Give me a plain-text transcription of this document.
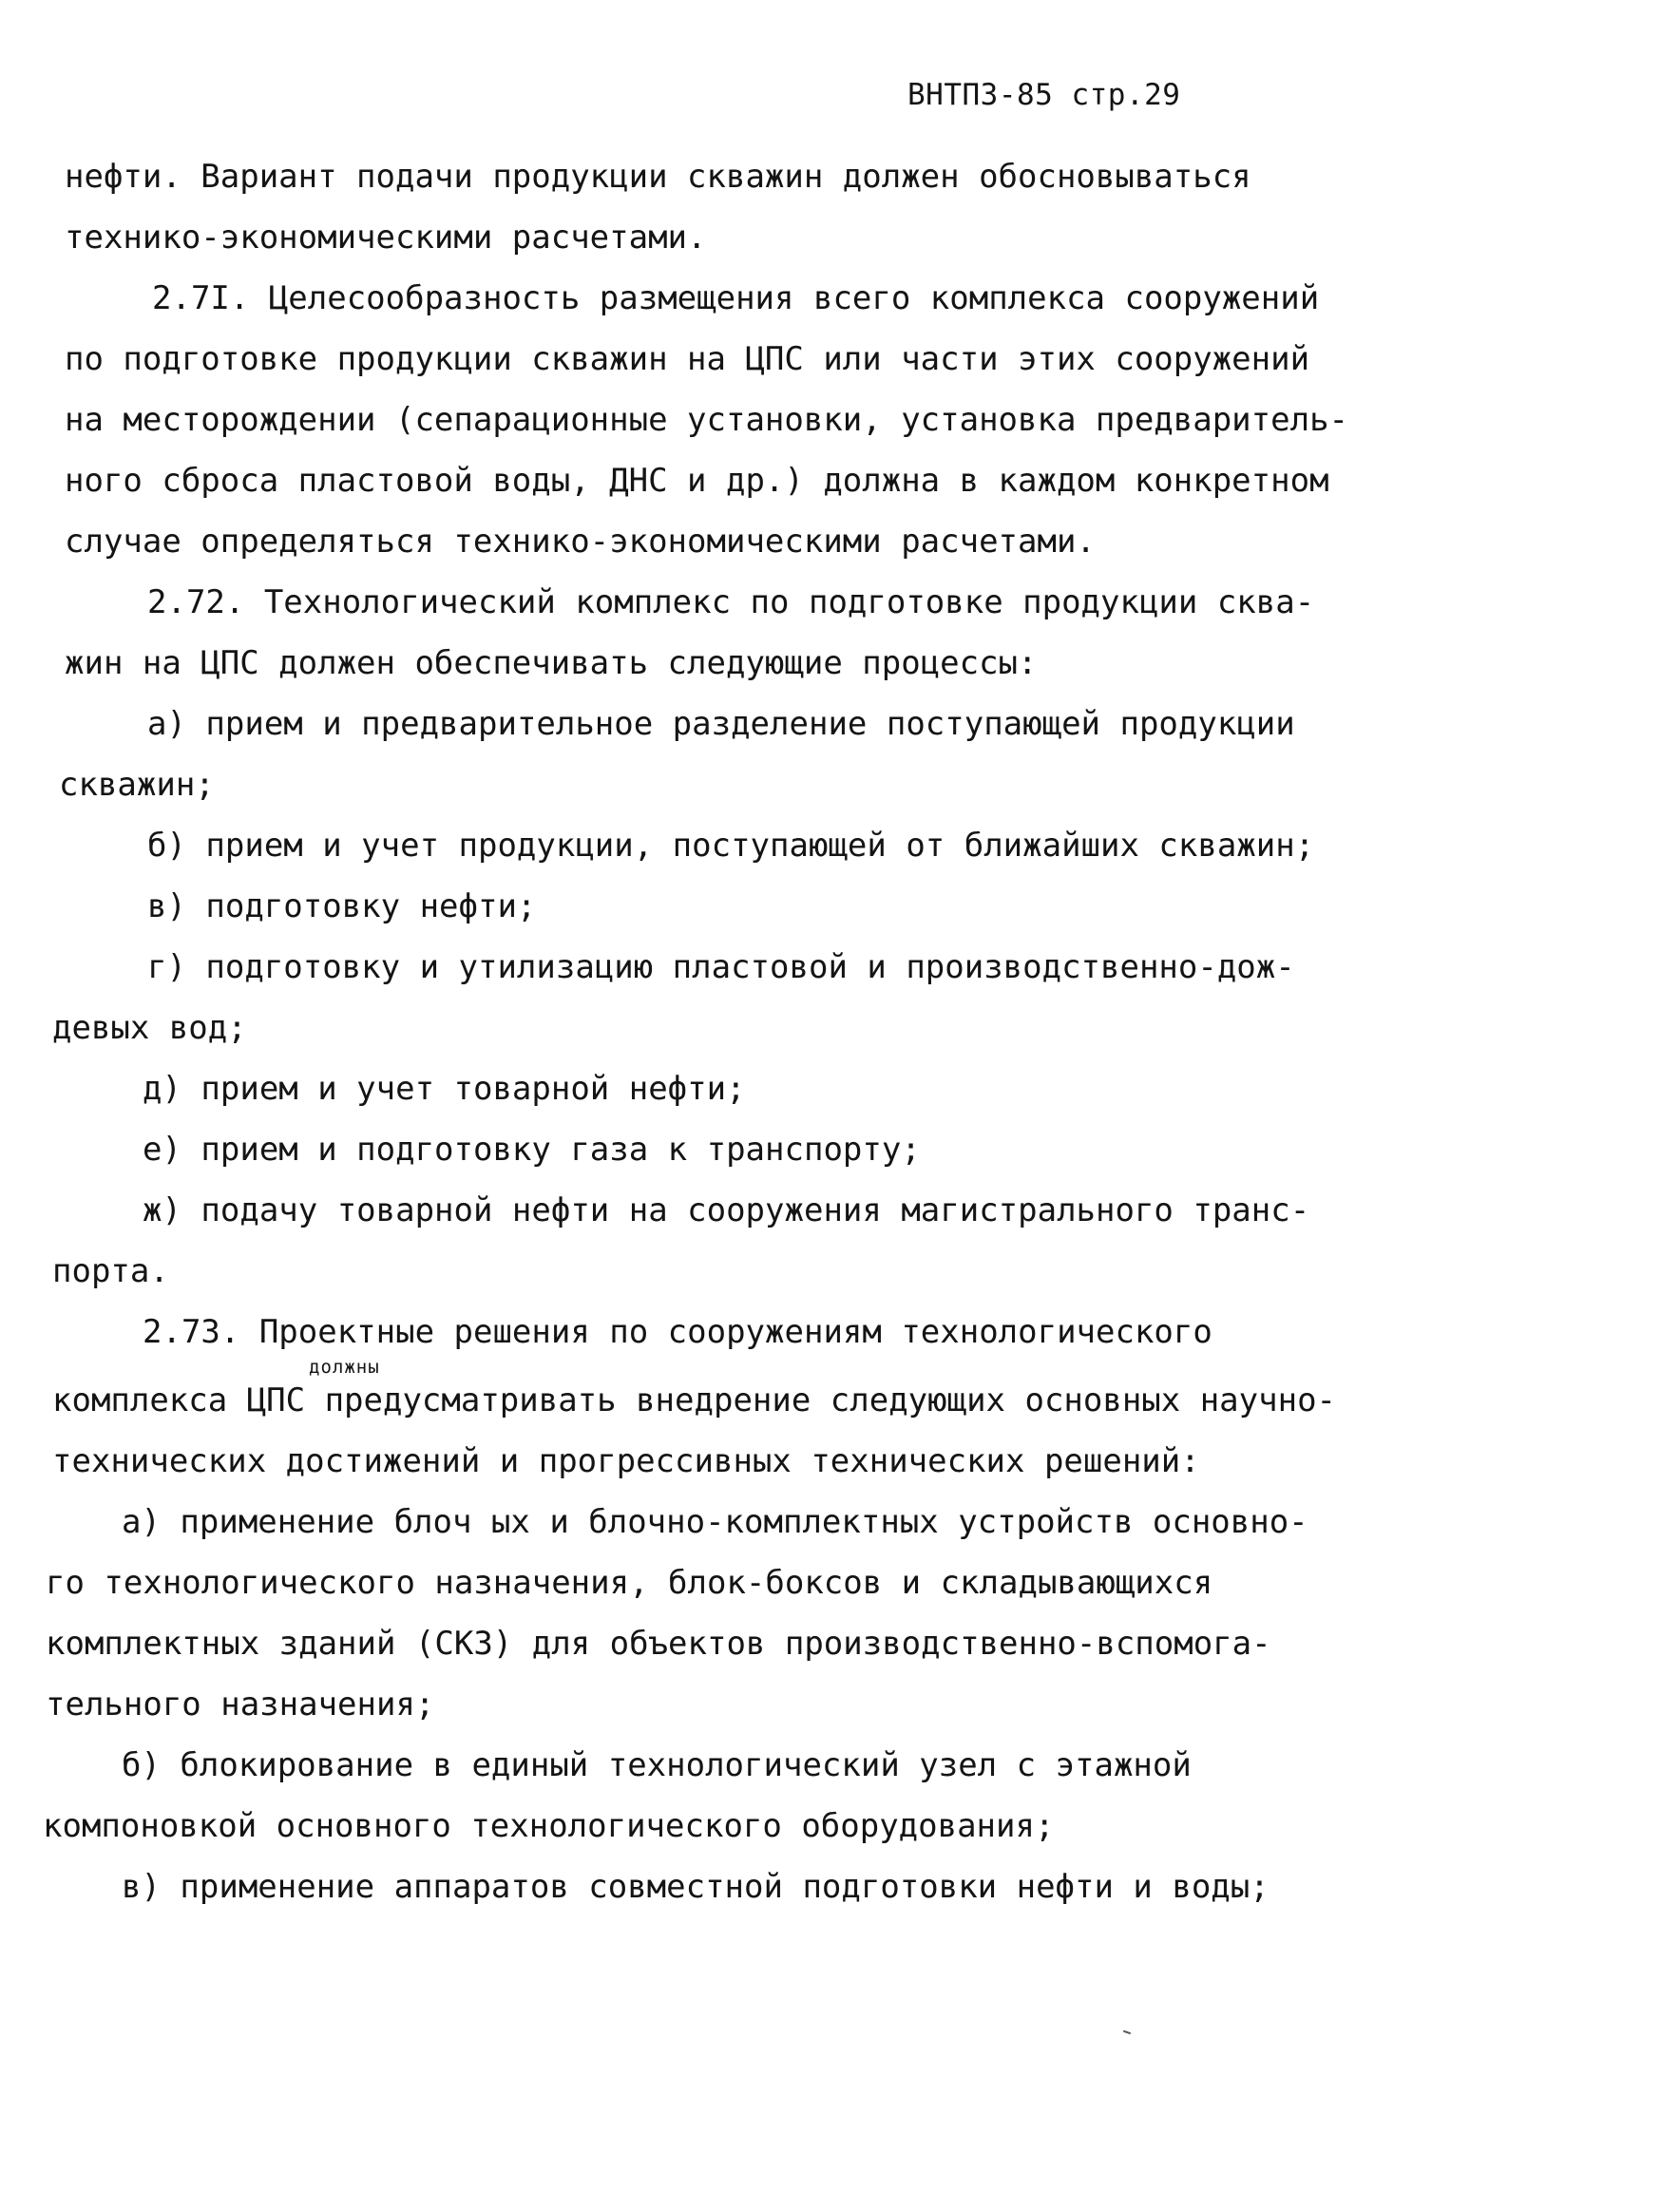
ВНТП3-85 стр.29
нефти. Вариант подачи продукции скважин должен обосновываться
технико-экономическими расчетами.
2.7I. Целесообразность размещения всего комплекса сооружений
по подготовке продукции скважин на ЦПС или части этих сооружений
на месторождении (сепарационные установки, установка предваритель-
ного сброса пластовой воды, ДНС и др.) должна в каждом конкретном
случае определяться технико-экономическими расчетами.
2.72. Технологический комплекс по подготовке продукции сква-
жин на ЦПС должен обеспечивать следующие процессы:
а) прием и предварительное разделение поступающей продукции
скважин;
б) прием и учет продукции, поступающей от ближайших скважин;
в) подготовку нефти;
г) подготовку и утилизацию пластовой и производственно-дож-
девых вод;
д) прием и учет товарной нефти;
е) прием и подготовку газа к транспорту;
ж) подачу товарной нефти на сооружения магистрального транс-
порта.
2.73. Проектные решения по сооружениям технологического
должны
комплекса ЦПС предусматривать внедрение следующих основных научно-
технических достижений и прогрессивных технических решений:
а) применение блоч ых и блочно-комплектных устройств основно-
го технологического назначения, блок-боксов и складывающихся
комплектных зданий (СКЗ) для объектов производственно-вспомога-
тельного назначения;
б) блокирование в единый технологический узел с этажной
компоновкой основного технологического оборудования;
в) применение аппаратов совместной подготовки нефти и воды;
